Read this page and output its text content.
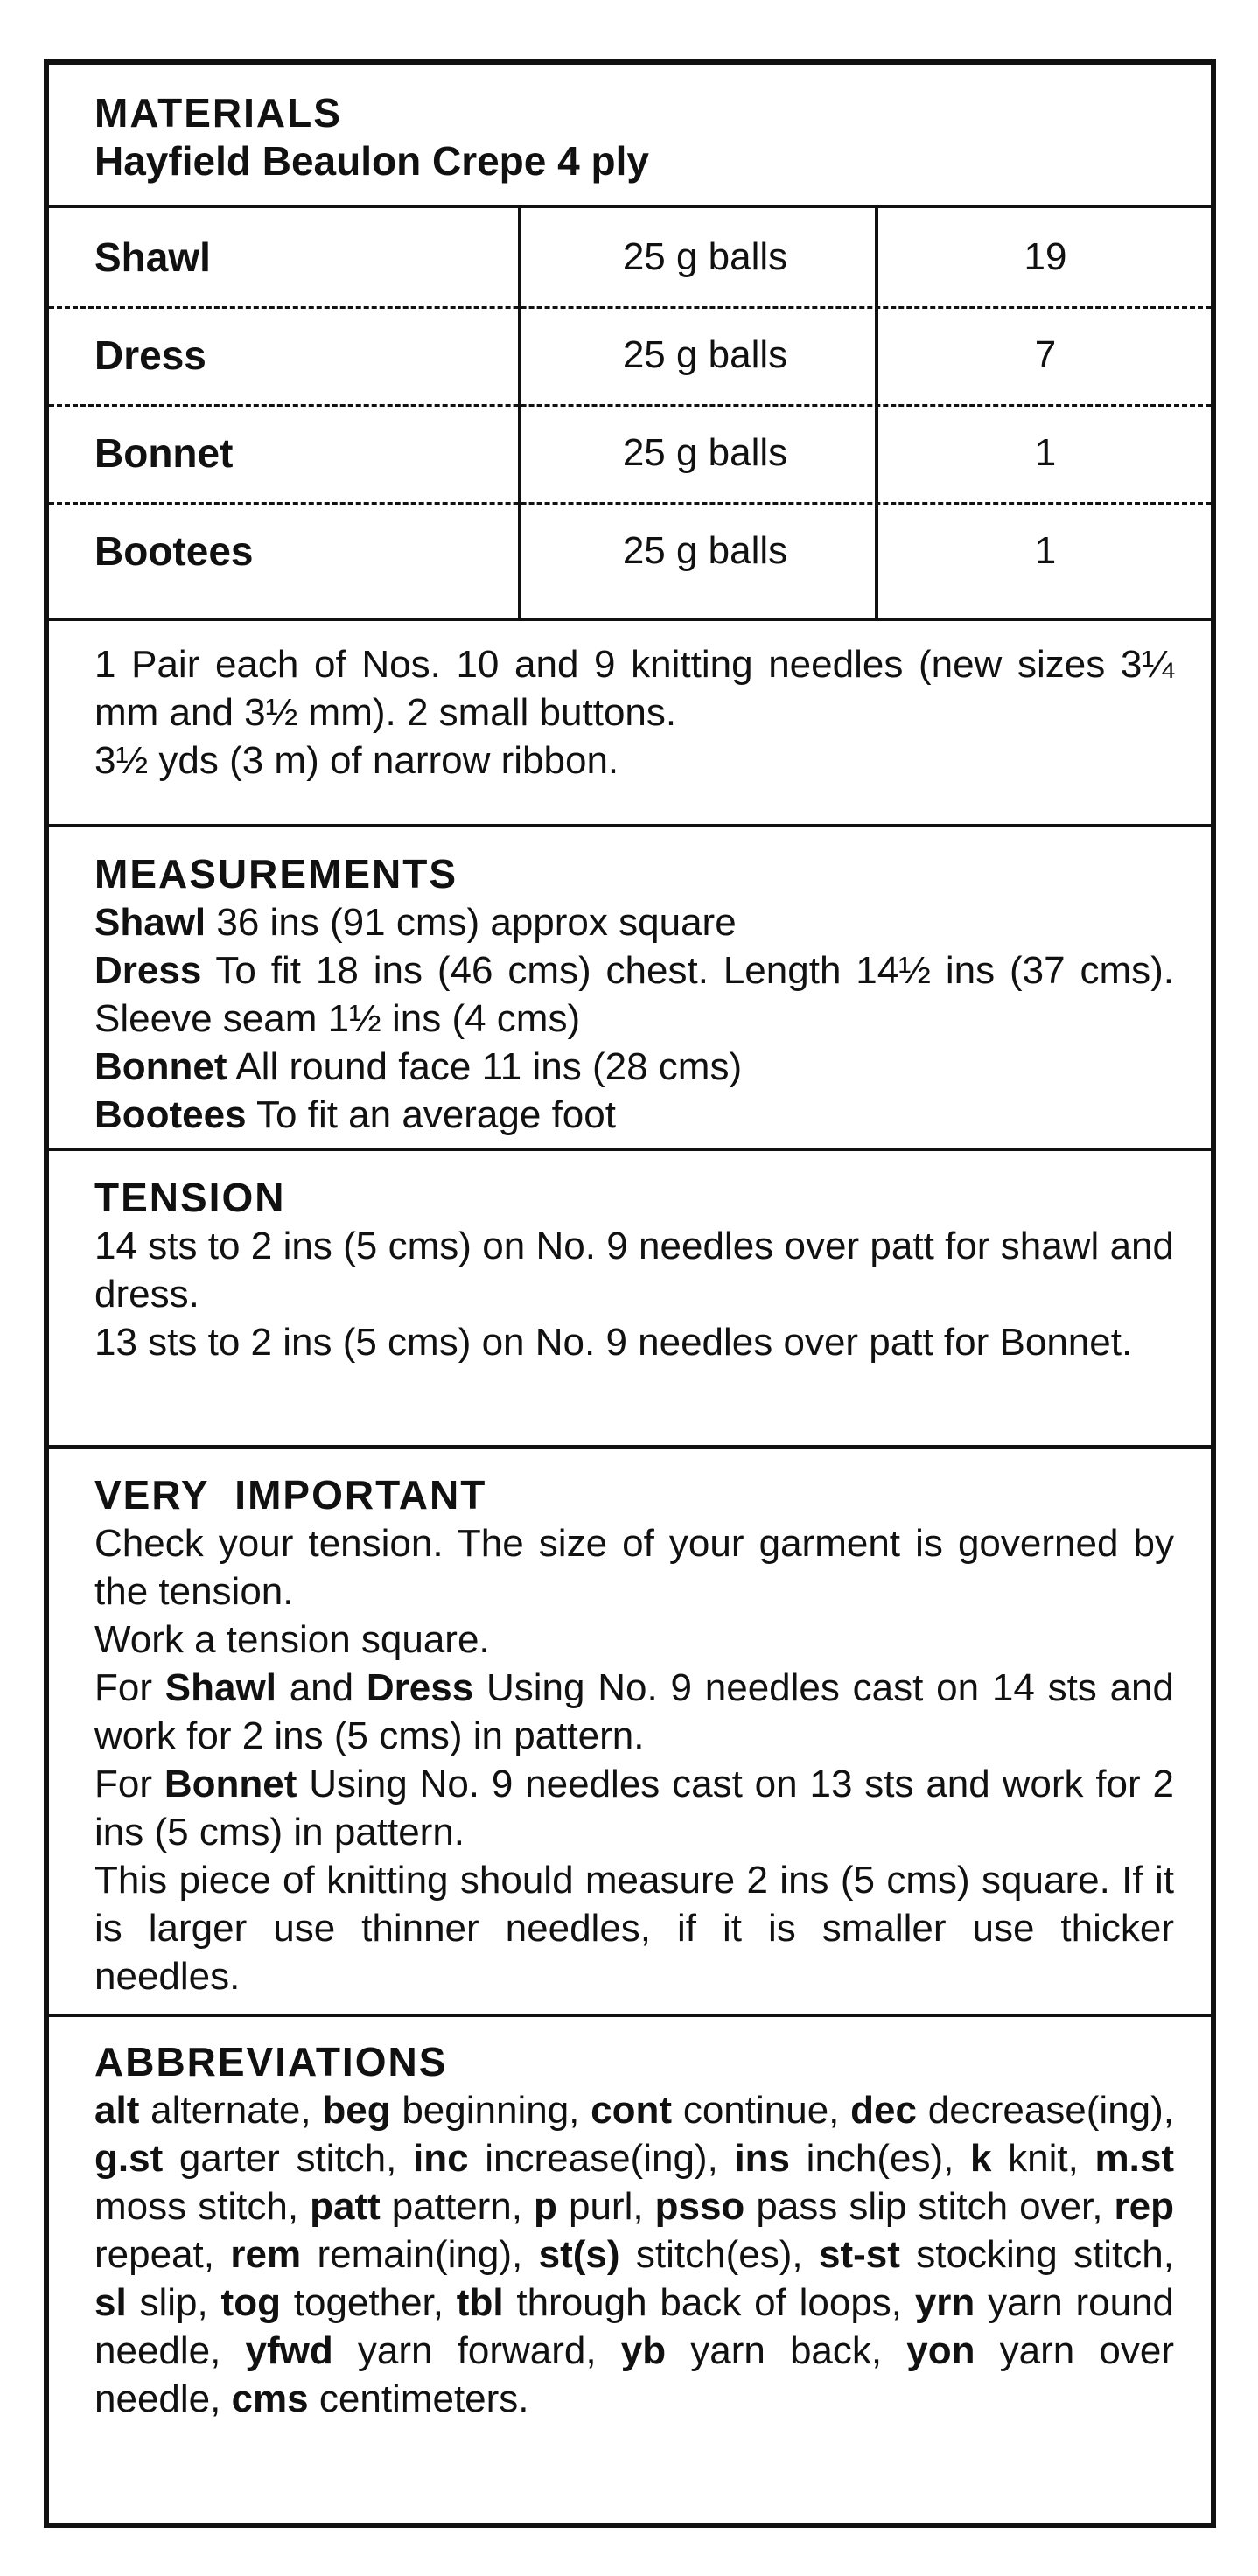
MATERIALS
Hayfield Beaulon Crepe 4 ply
Shawl	25 g balls	19
Dress	25 g balls	7
Bonnet	25 g balls	1
Bootees	25 g balls	1
1 Pair each of Nos. 10 and 9 knitting needles (new sizes 3¼ mm and 3½ mm). 2 small buttons.
3½ yds (3 m) of narrow ribbon.
MEASUREMENTS
Shawl 36 ins (91 cms) approx square
Dress To fit 18 ins (46 cms) chest. Length 14½ ins (37 cms). Sleeve seam 1½ ins (4 cms)
Bonnet All round face 11 ins (28 cms)
Bootees To fit an average foot
TENSION
14 sts to 2 ins (5 cms) on No. 9 needles over patt for shawl and dress.
13 sts to 2 ins (5 cms) on No. 9 needles over patt for Bonnet.
VERY  IMPORTANT
Check your tension. The size of your garment is governed by the tension.
Work a tension square.
For Shawl and Dress Using No. 9 needles cast on 14 sts and work for 2 ins (5 cms) in pattern.
For Bonnet Using No. 9 needles cast on 13 sts and work for 2 ins (5 cms) in pattern.
This piece of knitting should measure 2 ins (5 cms) square. If it is larger use thinner needles, if it is smaller use thicker needles.
ABBREVIATIONS
alt alternate, beg beginning, cont continue, dec decrease(ing), g.st garter stitch, inc increase(ing), ins inch(es), k knit, m.st moss stitch, patt pattern, p purl, psso pass slip stitch over, rep repeat, rem remain(ing), st(s) stitch(es), st-st stocking stitch, sl slip, tog together, tbl through back of loops, yrn yarn round needle, yfwd yarn forward, yb yarn back, yon yarn over needle, cms centimeters.
